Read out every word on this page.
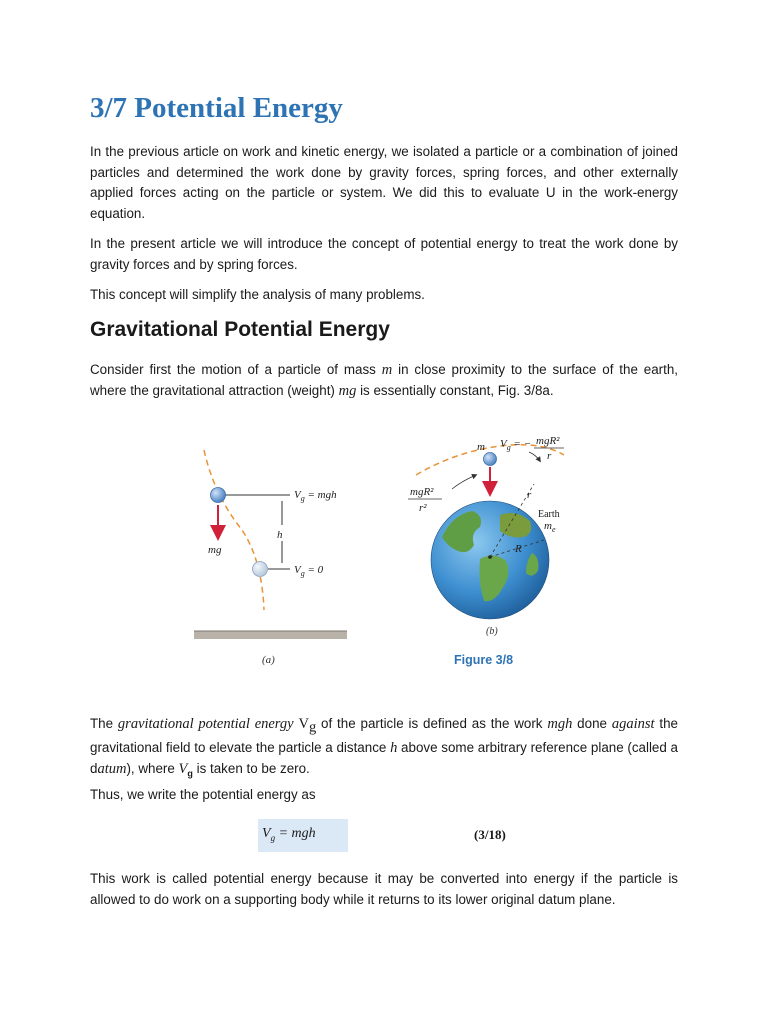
3/7 Potential Energy

In the previous article on work and kinetic energy, we isolated a particle or a combination of joined particles and determined the work done by gravity forces, spring forces, and other externally applied forces acting on the particle or system. We did this to evaluate U in the work-energy equation.

In the present article we will introduce the concept of potential energy to treat the work done by gravity forces and by spring forces.

This concept will simplify the analysis of many problems.

Gravitational Potential Energy

Consider first the motion of a particle of mass m in close proximity to the surface of the earth, where the gravitational attraction (weight) mg is essentially constant, Fig. 3/8a.

$V_g$ = mgh
h
mg
$V_g = 0$
m $V_g$ = − mgR²
r
mgR²
r²
r
R
Earth
$m_e$
(a)
(b)
Figure 3/8

The gravitational potential energy $V_g$ of the particle is defined as the work mgh done against the gravitational field to elevate the particle a distance h above some arbitrary reference plane (called a datum), where $V_g$ is taken to be zero.

Thus, we write the potential energy as

$V_g$ = mgh	(3/18)

This work is called potential energy because it may be converted into energy if the particle is allowed to do work on a supporting body while it returns to its lower original datum plane.
